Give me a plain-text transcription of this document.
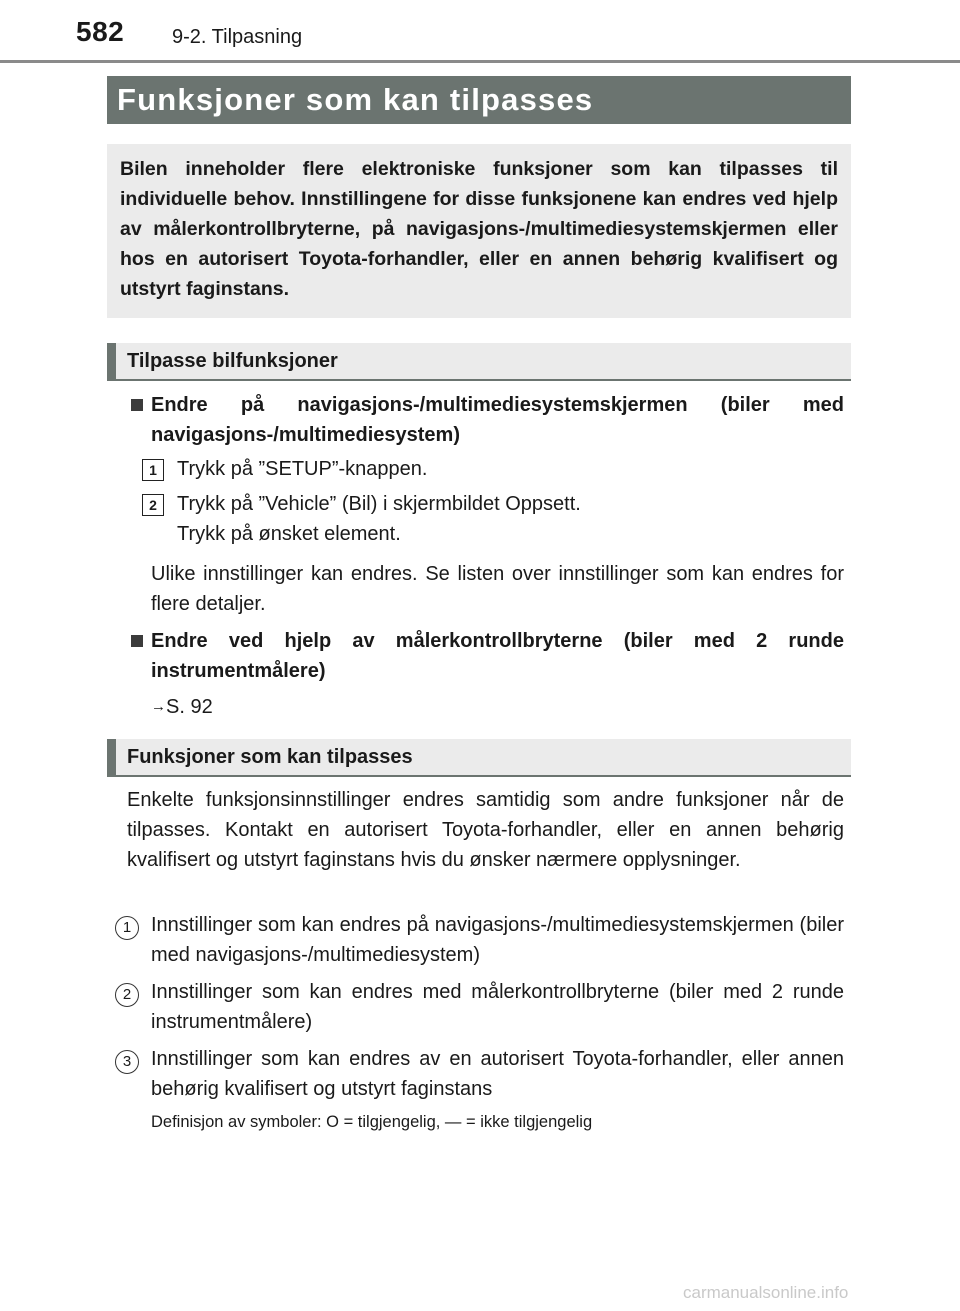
582 9-2. Tilpasning
Funksjoner som kan tilpasses
Bilen inneholder flere elektroniske funksjoner som kan tilpasses til individuelle behov. Innstillingene for disse funksjonene kan endres ved hjelp av målerkontrollbryterne, på navigasjons-/multimediesystemskjermen eller hos en autorisert Toyota-forhandler, eller en annen behørig kvalifisert og utstyrt faginstans.
Tilpasse bilfunksjoner
Endre på navigasjons-/multimediesystemskjermen (biler med navigasjons-/multimediesystem)
1	Trykk på ”SETUP”-knappen.
2	Trykk på ”Vehicle” (Bil) i skjermbildet Oppsett.
Trykk på ønsket element.
Ulike innstillinger kan endres. Se listen over innstillinger som kan endres for flere detaljer.
Endre ved hjelp av målerkontrollbryterne (biler med 2 runde instrumentmålere)
→S. 92
Funksjoner som kan tilpasses
Enkelte funksjonsinnstillinger endres samtidig som andre funksjoner når de tilpasses. Kontakt en autorisert Toyota-forhandler, eller en annen behørig kvalifisert og utstyrt faginstans hvis du ønsker nærmere opplysninger.
1 Innstillinger som kan endres på navigasjons-/multimediesystemskjermen (biler med navigasjons-/multimediesystem)
2 Innstillinger som kan endres med målerkontrollbryterne (biler med 2 runde instrumentmålere)
3 Innstillinger som kan endres av en autorisert Toyota-forhandler, eller annen behørig kvalifisert og utstyrt faginstans
Definisjon av symboler: O = tilgjengelig, — = ikke tilgjengelig
carmanualsonline.info
